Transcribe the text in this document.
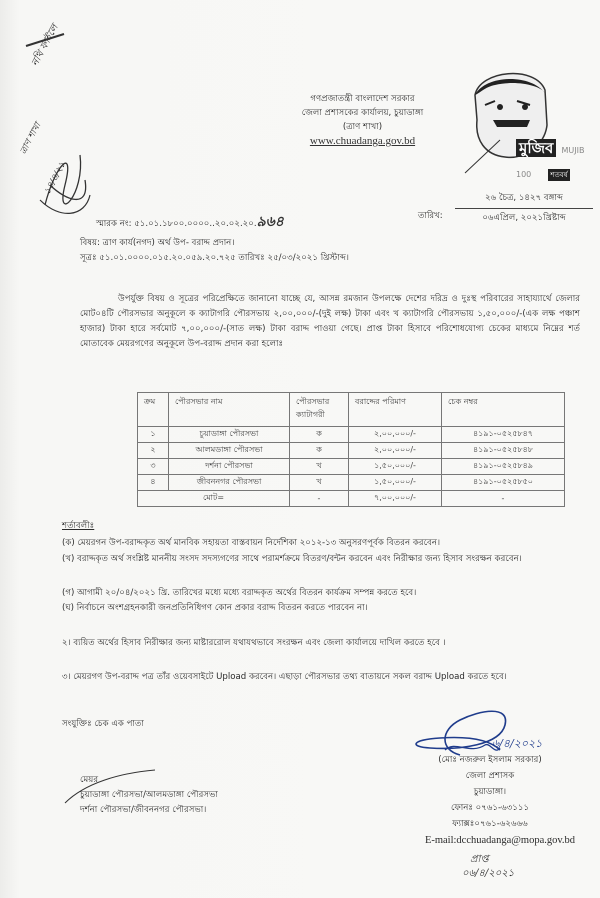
নথি ফাইলে
ত্রাণ শাখা
১৪/৪/২১
গণপ্রজাতন্ত্রী বাংলাদেশ সরকার
জেলা প্রশাসকের কার্যালয়, চুয়াডাঙ্গা
(ত্রাণ শাখা)
www.chuadanga.gov.bd	মুজিব MUJIB 100	শতবর্ষ
স্মারক নং: ৫১.০১.১৮০০.০০০০..২০.০২.২০.৯৬৪	তারিখ:
২৬ চৈত্র, ১৪২৭ বঙ্গাব্দ
০৬এপ্রিল, ২০২১খ্রিষ্টাব্দ
বিষয়: ত্রাণ কার্য(নগদ) অর্থ উপ- বরাদ্দ প্রদান।
সূত্রঃ ৫১.০১.০০০০.০১৫.২০.০৫৯.২০.৭২৫ তারিখঃ ২৫/০৩/২০২১ খ্রিস্টাব্দ।
উপর্যুক্ত বিষয় ও সূত্রের পরিপ্রেক্ষিতে জানানো যাচ্ছে যে, আসন্ন রমজান উপলক্ষে দেশের দরিদ্র ও দুঃস্থ পরিবারের সাহায্যার্থে জেলার মোট০৪টি পৌরসভার অনুকূলে ক ক্যাটাগরি পৌরসভায় ২,০০,০০০/-(দুই লক্ষ) টাকা এবং খ ক্যাটাগরি পৌরসভায় ১,৫০,০০০/-(এক লক্ষ পঞ্চাশ হাজার) টাকা হারে সর্বমোট ৭,০০,০০০/-(সাত লক্ষ) টাকা বরাদ্দ পাওয়া গেছে। প্রাপ্ত টাকা হিসাবে পরিশোধযোগ্য চেকের মাধ্যমে নিম্নের শর্ত মোতাবেক মেয়রগণের অনুকূলে উপ-বরাদ্দ প্রদান করা হলোঃ
ক্রম	পৌরসভার নাম	পৌরসভার ক্যাটাগরী	বরাদ্দের পরিমাণ	চেক নম্বর
১	চুয়াডাঙ্গা পৌরসভা	ক	২,০০,০০০/-	৪১৯১-০৫২৫৮৪৭
২	আলমডাঙ্গা পৌরসভা	ক	২,০০,০০০/-	৪১৯১-০৫২৫৮৪৮
৩	দর্শনা পৌরসভা	খ	১,৫০,০০০/-	৪১৯১-০৫২৫৮৪৯
৪	জীবননগর পৌরসভা	খ	১,৫০,০০০/-	৪১৯১-০৫২৫৮৫০
মোট=		-	৭,০০,০০০/-	-
শর্তাবলীঃ
(ক) মেয়রগন উপ-বরাদ্দকৃত অর্থ মানবিক সহায়তা বাস্তবায়ন নির্দেশিকা ২০১২-১৩ অনুসরণপূর্বক বিতরন করবেন।
(খ) বরাদ্দকৃত অর্থ সংশ্লিষ্ট মাননীয় সংসদ সদস্যগণের সাথে পরামর্শক্রমে বিতরণ/বন্টন করবেন এবং নিরীক্ষার জন্য হিসাব সংরক্ষন করবেন।
(গ) আগামী ২০/০৪/২০২১ খ্রি. তারিখের মধ্যে মধ্যে বরাদ্দকৃত অর্থের বিতরন কার্যক্রম সম্পন্ন করতে হবে।
(ঘ) নির্বাচনে অংশগ্রহনকারী জনপ্রতিনিধিগণ কোন প্রকার বরাদ্দ বিতরন করতে পারবেন না।
২। ব্যয়িত অর্থের হিসাব নিরীক্ষার জন্য মাষ্টাররোল যথাযথভাবে সংরক্ষন এবং জেলা কার্যালয়ে দাখিল করতে হবে ।
৩। মেয়রগণ উপ-বরাদ্দ পত্র তাঁর ওয়েবসাইটে Upload করবেন। এছাড়া পৌরসভার তথ্য বাতায়নে সকল বরাদ্দ Upload করতে হবে।
সংযুক্তিঃ চেক এক পাতা
৬/৪/২০২১
(মোঃ নজরুল ইসলাম সরকার)
জেলা প্রশাসক
চুয়াডাঙ্গা।
ফোনঃ ০৭৬১-৬৩১১১
ফ্যাক্সঃ০৭৬১-৬২৬৬৬
E-mail:dcchuadanga@mopa.gov.bd
প্রাপ্ত
০৬/৪/২০২১
মেয়র
চুয়াডাঙ্গা পৌরসভা/আলমডাঙ্গা পৌরসভা
দর্শনা পৌরসভা/জীবননগর পৌরসভা।
